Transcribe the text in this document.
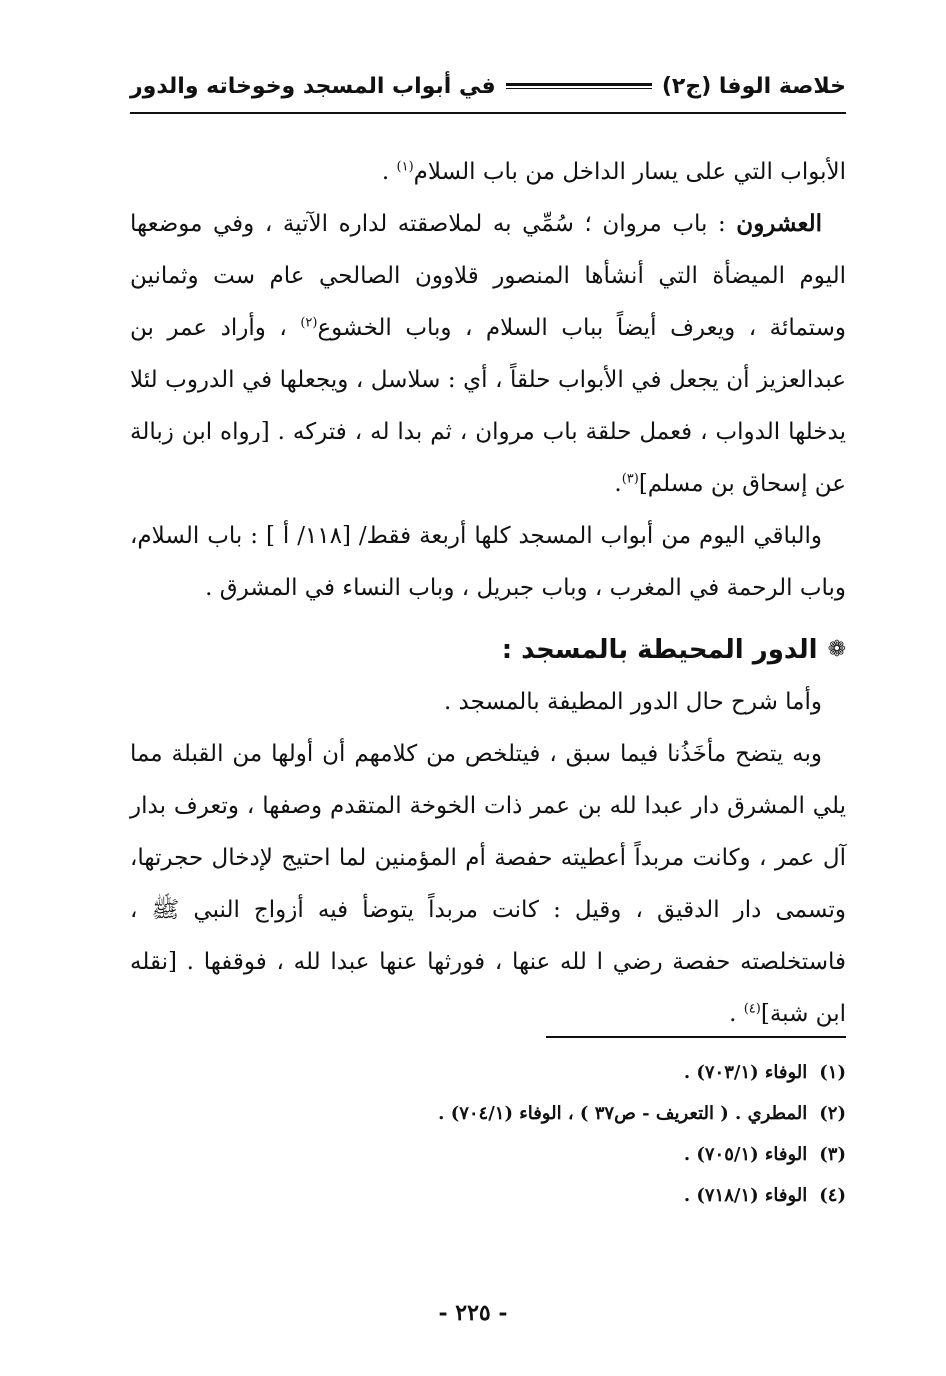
خلاصة الوفا (ج٢)
في أبواب المسجد وخوخاته والدور

الأبواب التي على يسار الداخل من باب السلام$^{(١)}$ .

العشرون : باب مروان ؛ سُمِّي به لملاصقته لداره الآتية ، وفي موضعها اليوم الميضأة التي أنشأها المنصور قلاوون الصالحي عام ست وثمانين وستمائة ، ويعرف أيضاً بباب السلام ، وباب الخشوع$^{(٢)}$ ، وأراد عمر بن عبدالعزيز أن يجعل في الأبواب حلقاً ، أي : سلاسل ، ويجعلها في الدروب لئلا يدخلها الدواب ، فعمل حلقة باب مروان ، ثم بدا له ، فتركه . [رواه ابن زبالة عن إسحاق بن مسلم]$^{(٣)}$.

والباقي اليوم من أبواب المسجد كلها أربعة فقط/ [١١٨/ أ ] : باب السلام، وباب الرحمة في المغرب ، وباب جبريل ، وباب النساء في المشرق .

❁
الدور المحيطة بالمسجد :

وأما شرح حال الدور المطيفة بالمسجد .

وبه يتضح مأخَذُنا فيما سبق ، فيتلخص من كلامهم أن أولها من القبلة مما يلي المشرق دار عبدا لله بن عمر ذات الخوخة المتقدم وصفها ، وتعرف بدار آل عمر ، وكانت مربداً أعطيته حفصة أم المؤمنين لما احتيج لإدخال حجرتها، وتسمى دار الدقيق ، وقيل : كانت مربداً يتوضأ فيه أزواج النبي ﷺ ، فاستخلصته حفصة رضي ا لله عنها ، فورثها عنها عبدا لله ، فوقفها . [نقله ابن شبة]$^{(٤)}$ .

(١)
الوفاء (٧٠٣/١) .
(٢)
المطري . ( التعريف - ص٣٧ ) ، الوفاء (٧٠٤/١) .
(٣)
الوفاء (٧٠٥/١) .
(٤)
الوفاء (٧١٨/١) .
- ٢٢٥ -
